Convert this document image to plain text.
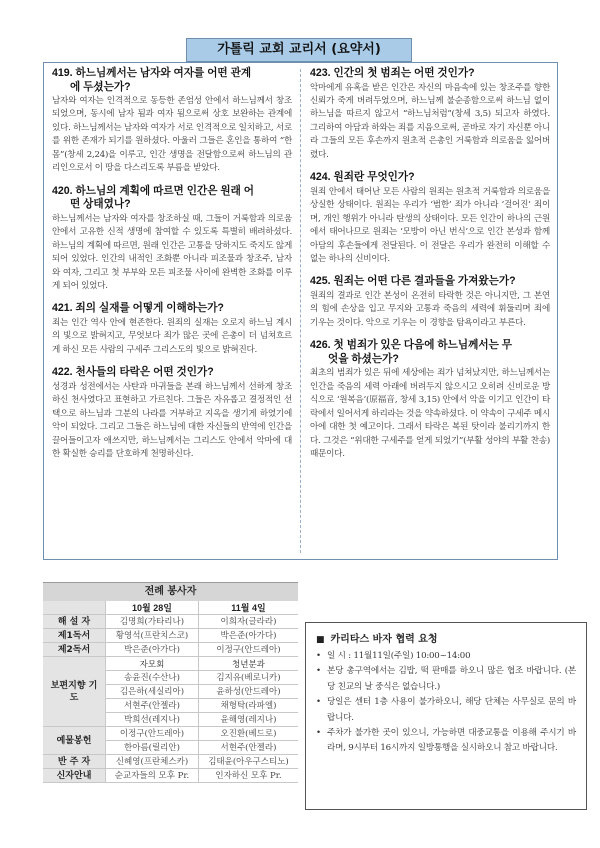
가톨릭 교회 교리서 (요약서)
419. 하느님께서는 남자와 여자를 어떤 관계
에 두셨는가?

남자와 여자는 인격적으로 동등한 존엄성 안에서 하느님께서 창조되었으며, 동시에 남자 됨과 여자 됨으로써 상호 보완하는 관계에 있다. 하느님께서는 남자와 여자가 서로 인격적으로 일치하고, 서로를 위한 존재가 되기를 원하셨다. 아울러 그들은 혼인을 통하여 “한 몸”(창세 2,24)을 이루고, 인간 생명을 전달함으로써 하느님의 관리인으로서 이 땅을 다스리도록 부름을 받았다.

420. 하느님의 계획에 따르면 인간은 원래 어
떤 상태였나?

하느님께서는 남자와 여자를 창조하실 때, 그들이 거룩함과 의로움 안에서 고유한 신적 생명에 참여할 수 있도록 특별히 배려하셨다. 하느님의 계획에 따르면, 원래 인간은 고통을 당하지도 죽지도 않게 되어 있었다. 인간의 내적인 조화뿐 아니라 피조물과 창조주, 남자와 여자, 그리고 첫 부부와 모든 피조물 사이에 완벽한 조화를 이루게 되어 있었다.

421. 죄의 실재를 어떻게 이해하는가?

죄는 인간 역사 안에 현존한다. 원죄의 실재는 오로지 하느님 계시의 빛으로 밝혀지고, 무엇보다 죄가 많은 곳에 은총이 더 넘쳐흐르게 하신 모든 사람의 구세주 그리스도의 빛으로 밝혀진다.

422. 천사들의 타락은 어떤 것인가?

성경과 성전에서는 사탄과 마귀들을 본래 하느님께서 선하게 창조하신 천사였다고 표현하고 가르친다. 그들은 자유롭고 결정적인 선택으로 하느님과 그분의 나라를 거부하고 지옥을 생기게 하였기에 악이 되었다. 그리고 그들은 하느님에 대한 자신들의 반역에 인간을 끌어들이고자 애쓰지만, 하느님께서는 그리스도 안에서 악마에 대한 확실한 승리를 단호하게 천명하신다.

423. 인간의 첫 범죄는 어떤 것인가?

악마에게 유혹을 받은 인간은 자신의 마음속에 있는 창조주를 향한 신뢰가 죽게 버려두었으며, 하느님께 불순종함으로써 하느님 없이 하느님을 따르지 않고서 “하느님처럼”(창세 3,5) 되고자 하였다. 그리하여 아담과 하와는 죄를 지음으로써, 곧바로 자기 자신뿐 아니라 그들의 모든 후손까지 원초적 은총인 거룩함과 의로움을 잃어버렸다.

424. 원죄란 무엇인가?

원죄 안에서 태어난 모든 사람의 원죄는 원초적 거룩함과 의로움을 상실한 상태이다. 원죄는 우리가 ‘범한’ 죄가 아니라 ‘걸어진’ 죄이며, 개인 행위가 아니라 탄생의 상태이다. 모든 인간이 하나의 근원에서 태어나므로 원죄는 ‘모방이 아닌 번식’으로 인간 본성과 함께 아담의 후손들에게 전달된다. 이 전달은 우리가 완전히 이해할 수 없는 하나의 신비이다.

425. 원죄는 어떤 다른 결과들을 가져왔는가?

원죄의 결과로 인간 본성이 온전히 타락한 것은 아니지만, 그 본연의 힘에 손상을 입고 무지와 고통과 죽음의 세력에 휘둘리며 죄에 기우는 것이다. 악으로 기우는 이 경향을 탐욕이라고 부른다.

426. 첫 범죄가 있은 다음에 하느님께서는 무
엇을 하셨는가?

최초의 범죄가 있은 뒤에 세상에는 죄가 넘쳐났지만, 하느님께서는 인간을 죽음의 세력 아래에 버려두지 않으시고 오히려 신비로운 방식으로 ‘원복음’(原福音, 창세 3,15) 안에서 악을 이기고 인간이 타락에서 일어서게 하리라는 것을 약속하셨다. 이 약속이 구세주 메시아에 대한 첫 예고이다. 그래서 타락은 복된 탓이라 불리기까지 한다. 그것은 “위대한 구세주를 얻게 되었기”(부활 성야의 부활 찬송) 때문이다.

전례 봉사자
	10월 28일	11월 4일
해 설 자	김명희(가타리나)	이희자(글라라)
제1독서	황영석(프란치스코)	박은준(아가다)
제2독서	박은준(아가다)	이정구(안드레아)
보편지향 기 도	자모회	청년분과
	송윤진(수산나)	김지유(베로니카)
	김은하(세실리아)	윤하성(안드레아)
	서현주(안젤라)	채형탁(라파엘)
	박희선(레지나)	윤해영(레지나)
예물봉헌	이정구(안드레아)	오진환(베드로)
	한아름(릴리안)	서현주(안젤라)
반 주 자	신혜영(프란체스카)	김태윤(아우구스티노)
신자안내	순교자들의 모후 Pr.	인자하신 모후 Pr.
■ 카리타스 바자 협력 요청
• 일 시 : 11월11일(주일) 10:00~14:00
• 본당 총구역에서는 김밥, 떡 판매를 하오니 많은 협조 바랍니다. (본당 친교의 날 중식은 없습니다.)
• 당일은 센터 1층 사용이 불가하오니, 해당 단체는 사무실로 문의 바랍니다.
• 주차가 불가한 곳이 있으니, 가능하면 대중교통을 이용해 주시기 바라며, 9시부터 16시까지 일방통행을 실시하오니 참고 바랍니다.
